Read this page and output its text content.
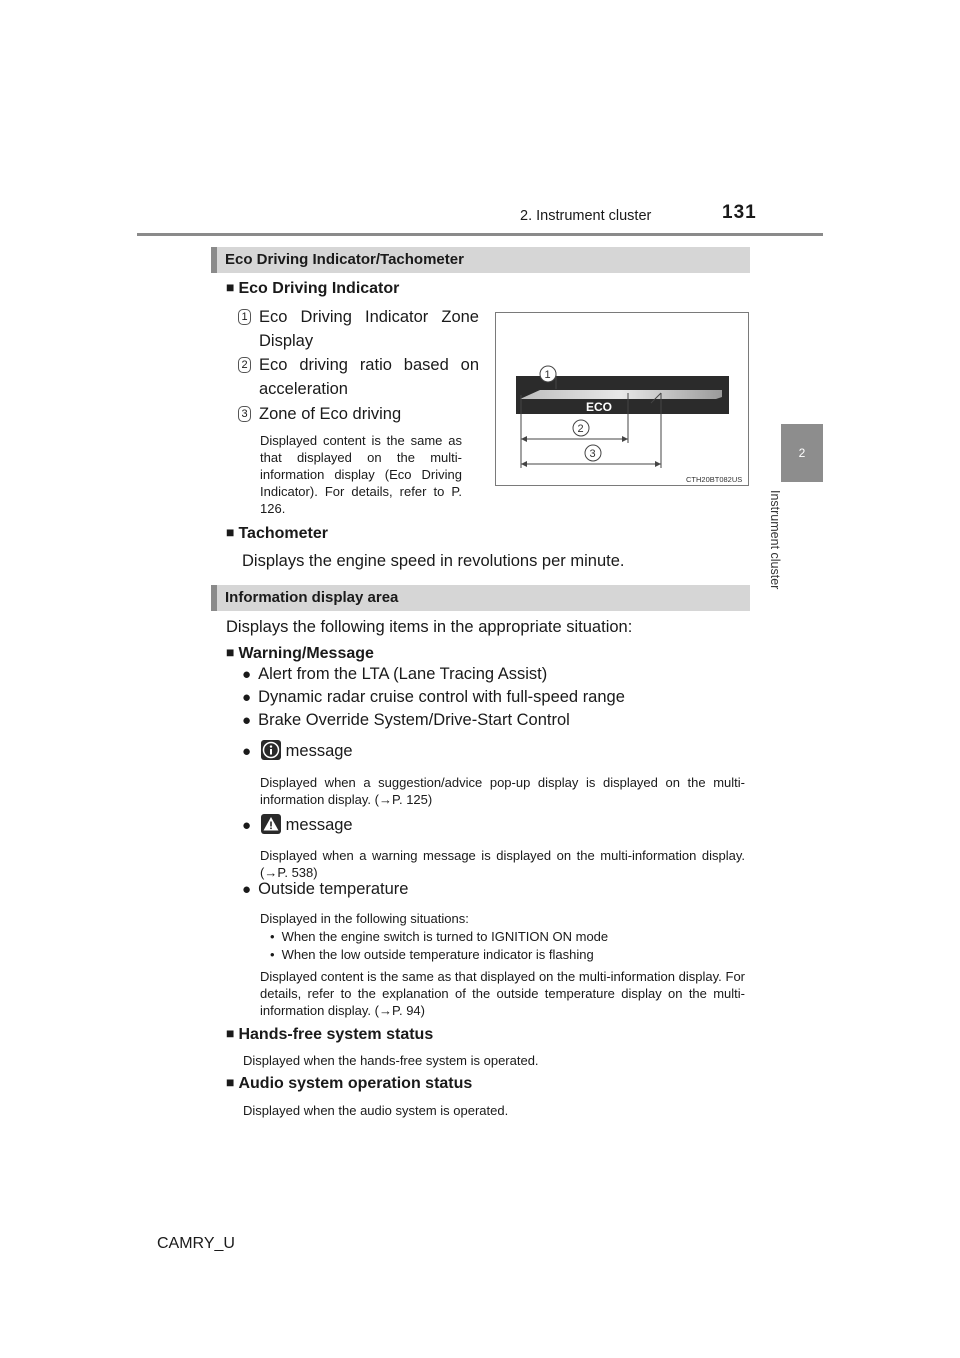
2. Instrument cluster	131
2
Instrument cluster
Eco Driving Indicator/Tachometer
■ Eco Driving Indicator
1 Eco Driving Indicator Zone Display
2 Eco driving ratio based on acceleration
3 Zone of Eco driving
Displayed content is the same as that displayed on the multi-information display (Eco Driving Indicator). For details, refer to P. 126.
ECO
1
2
3
CTH20BT082US
■ Tachometer
Displays the engine speed in revolutions per minute.
Information display area
Displays the following items in the appropriate situation:
■ Warning/Message
● Alert from the LTA (Lane Tracing Assist)
● Dynamic radar cruise control with full-speed range
● Brake Override System/Drive-Start Control
● message
Displayed when a suggestion/advice pop-up display is displayed on the multi-information display. (→P. 125)
● message
Displayed when a warning message is displayed on the multi-information display. (→P. 538)
● Outside temperature
Displayed in the following situations:
• When the engine switch is turned to IGNITION ON mode
• When the low outside temperature indicator is flashing
Displayed content is the same as that displayed on the multi-information display. For details, refer to the explanation of the outside temperature display on the multi-information display. (→P. 94)
■ Hands-free system status
Displayed when the hands-free system is operated.
■ Audio system operation status
Displayed when the audio system is operated.
CAMRY_U
